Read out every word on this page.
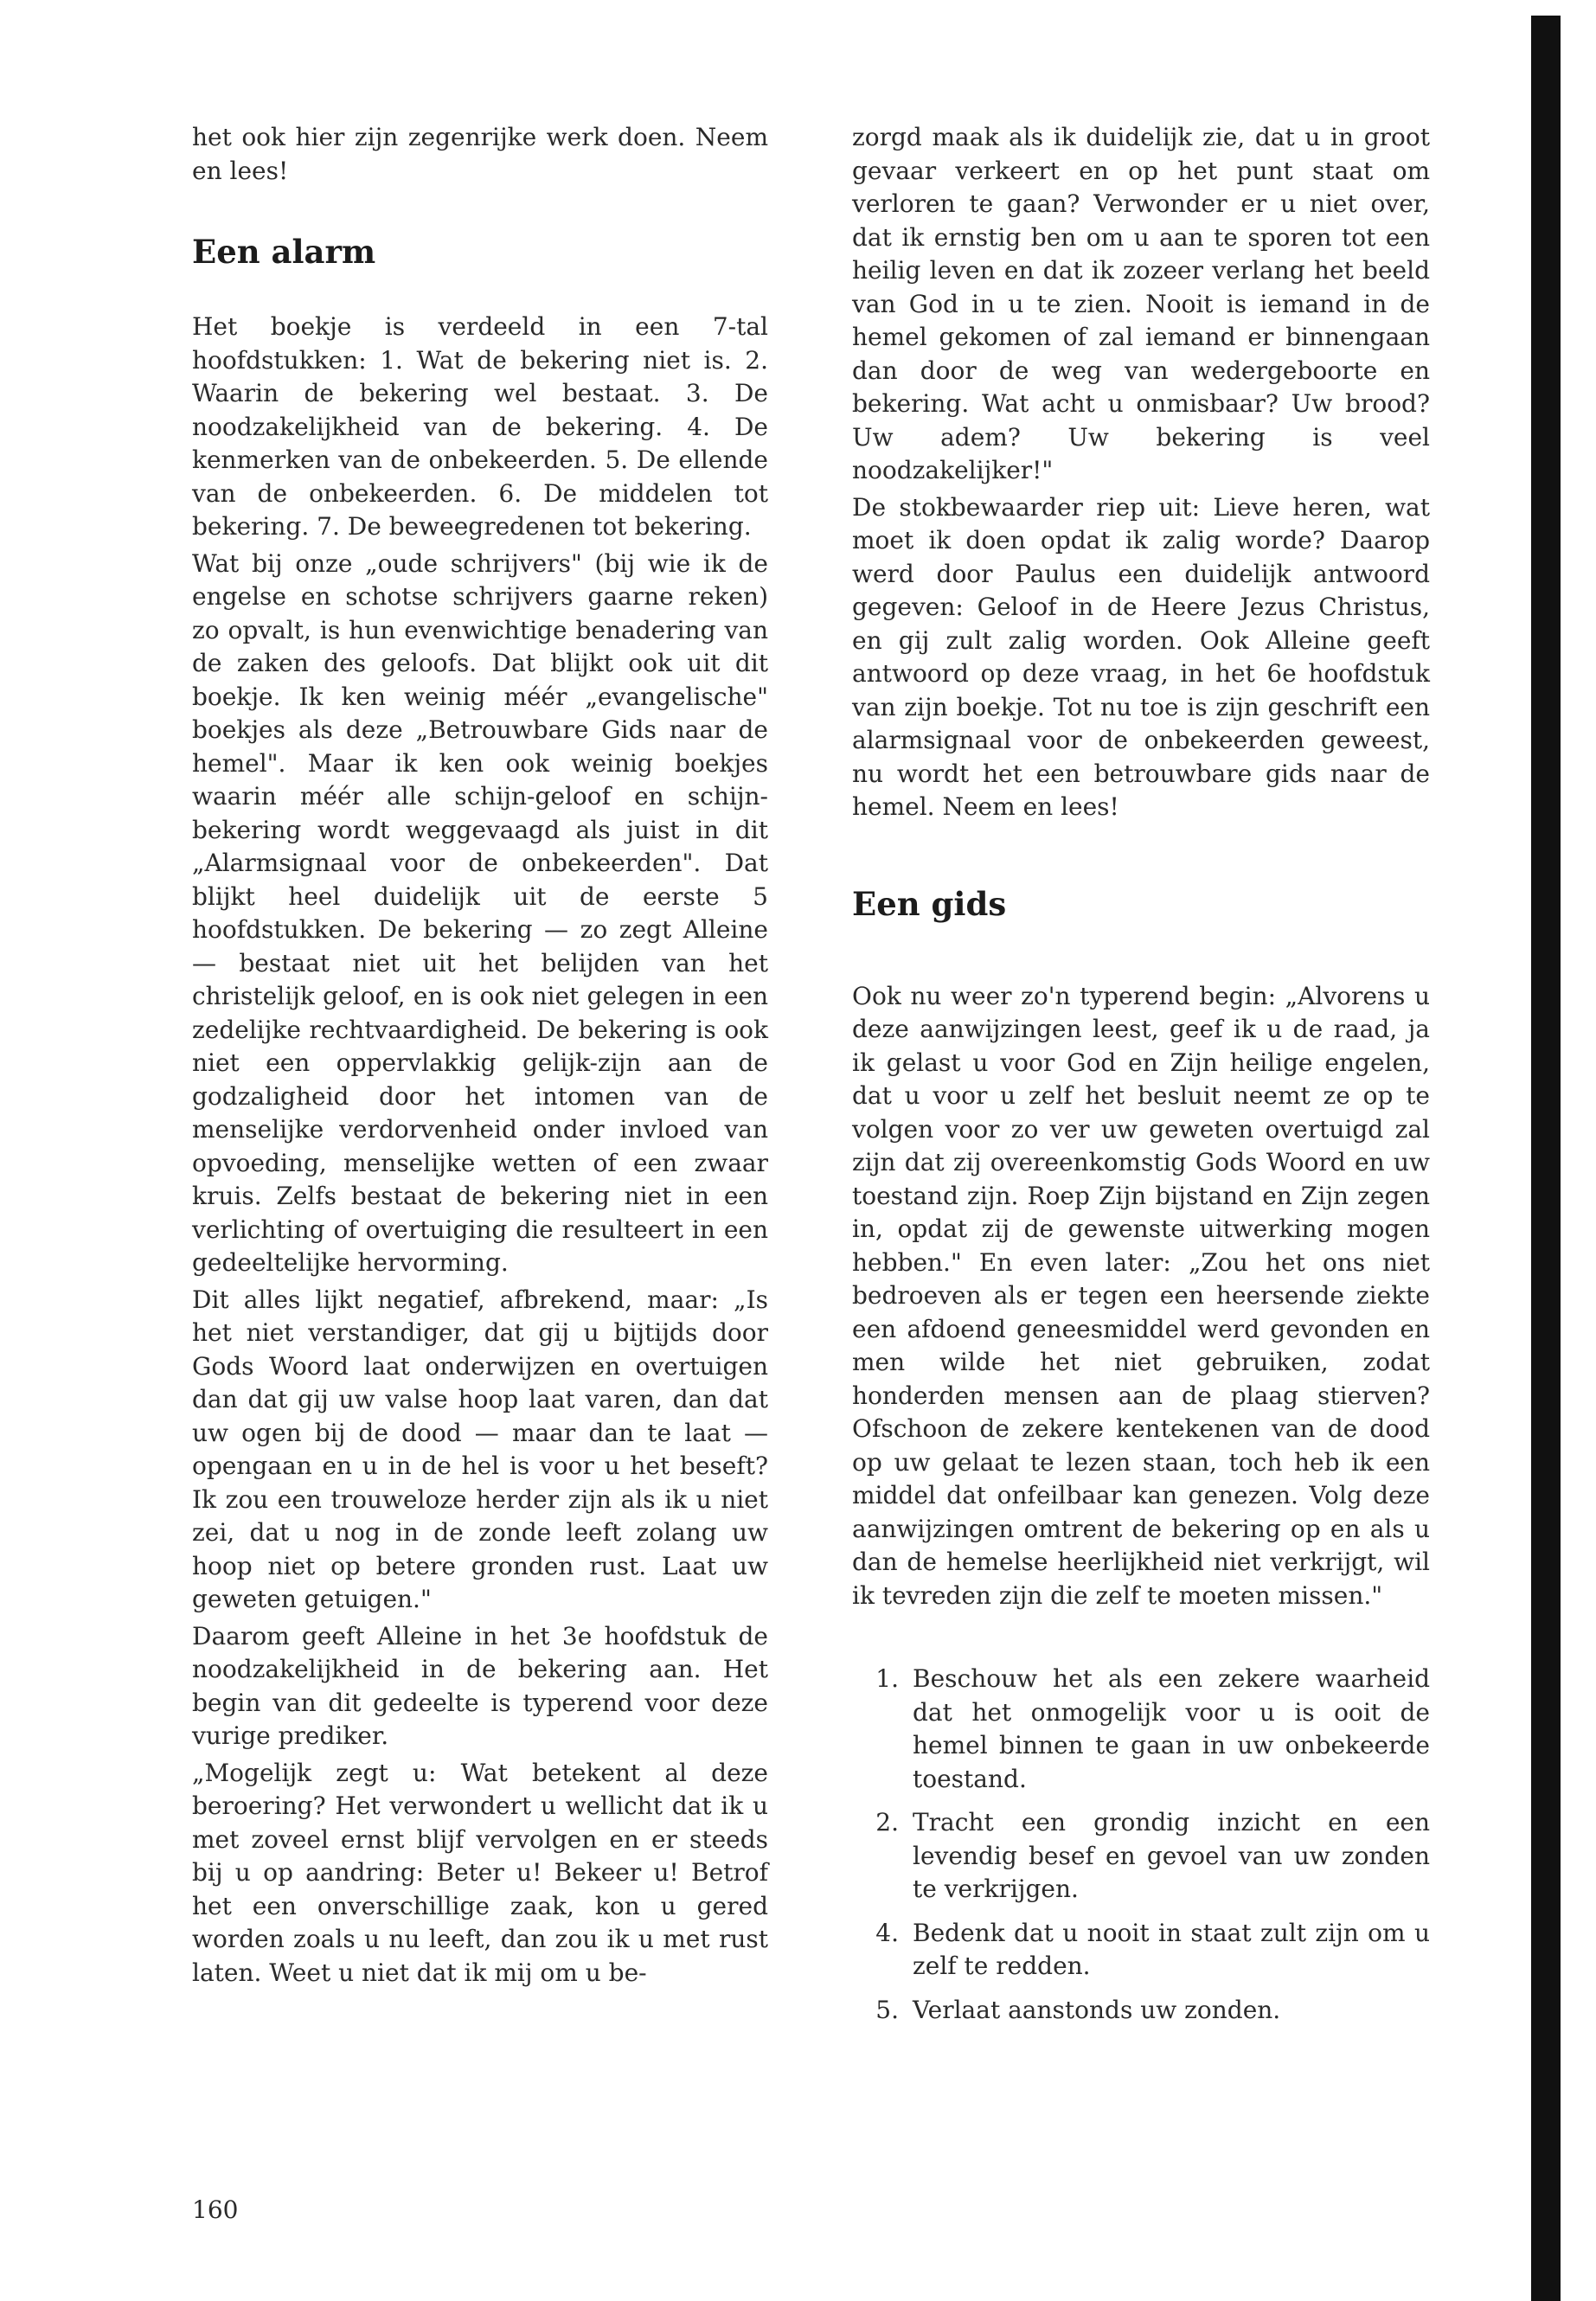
het ook hier zijn zegenrijke werk doen. Neem en lees!

Een alarm

Het boekje is verdeeld in een 7-tal hoofdstukken: 1. Wat de bekering niet is. 2. Waarin de bekering wel bestaat. 3. De noodzakelijkheid van de bekering. 4. De kenmerken van de onbekeerden. 5. De ellende van de onbekeerden. 6. De middelen tot bekering. 7. De beweegredenen tot bekering.

Wat bij onze „oude schrijvers" (bij wie ik de engelse en schotse schrijvers gaarne reken) zo opvalt, is hun evenwichtige benadering van de zaken des geloofs. Dat blijkt ook uit dit boekje. Ik ken weinig méér „evangelische" boekjes als deze „Betrouwbare Gids naar de hemel". Maar ik ken ook weinig boekjes waarin méér alle schijn-geloof en schijn-bekering wordt weggevaagd als juist in dit „Alarmsignaal voor de onbekeerden". Dat blijkt heel duidelijk uit de eerste 5 hoofdstukken. De bekering — zo zegt Alleine — bestaat niet uit het belijden van het christelijk geloof, en is ook niet gelegen in een zedelijke rechtvaardigheid. De bekering is ook niet een oppervlakkig gelijk-zijn aan de godzaligheid door het intomen van de menselijke verdorvenheid onder invloed van opvoeding, menselijke wetten of een zwaar kruis. Zelfs bestaat de bekering niet in een verlichting of overtuiging die resulteert in een gedeeltelijke hervorming.

Dit alles lijkt negatief, afbrekend, maar: „Is het niet verstandiger, dat gij u bijtijds door Gods Woord laat onderwijzen en overtuigen dan dat gij uw valse hoop laat varen, dan dat uw ogen bij de dood — maar dan te laat — opengaan en u in de hel is voor u het beseft? Ik zou een trouweloze herder zijn als ik u niet zei, dat u nog in de zonde leeft zolang uw hoop niet op betere gronden rust. Laat uw geweten getuigen."

Daarom geeft Alleine in het 3e hoofdstuk de noodzakelijkheid in de bekering aan. Het begin van dit gedeelte is typerend voor deze vurige prediker.

„Mogelijk zegt u: Wat betekent al deze beroering? Het verwondert u wellicht dat ik u met zoveel ernst blijf vervolgen en er steeds bij u op aandring: Beter u! Bekeer u! Betrof het een onverschillige zaak, kon u gered worden zoals u nu leeft, dan zou ik u met rust laten. Weet u niet dat ik mij om u be-

zorgd maak als ik duidelijk zie, dat u in groot gevaar verkeert en op het punt staat om verloren te gaan? Verwonder er u niet over, dat ik ernstig ben om u aan te sporen tot een heilig leven en dat ik zozeer verlang het beeld van God in u te zien. Nooit is iemand in de hemel gekomen of zal iemand er binnengaan dan door de weg van wedergeboorte en bekering. Wat acht u onmisbaar? Uw brood? Uw adem? Uw bekering is veel noodzakelijker!"

De stokbewaarder riep uit: Lieve heren, wat moet ik doen opdat ik zalig worde? Daarop werd door Paulus een duidelijk antwoord gegeven: Geloof in de Heere Jezus Christus, en gij zult zalig worden. Ook Alleine geeft antwoord op deze vraag, in het 6e hoofdstuk van zijn boekje. Tot nu toe is zijn geschrift een alarmsignaal voor de onbekeerden geweest, nu wordt het een betrouwbare gids naar de hemel. Neem en lees!

Een gids

Ook nu weer zo'n typerend begin: „Alvorens u deze aanwijzingen leest, geef ik u de raad, ja ik gelast u voor God en Zijn heilige engelen, dat u voor u zelf het besluit neemt ze op te volgen voor zo ver uw geweten overtuigd zal zijn dat zij overeenkomstig Gods Woord en uw toestand zijn. Roep Zijn bijstand en Zijn zegen in, opdat zij de gewenste uitwerking mogen hebben." En even later: „Zou het ons niet bedroeven als er tegen een heersende ziekte een afdoend geneesmiddel werd gevonden en men wilde het niet gebruiken, zodat honderden mensen aan de plaag stierven? Ofschoon de zekere kentekenen van de dood op uw gelaat te lezen staan, toch heb ik een middel dat onfeilbaar kan genezen. Volg deze aanwijzingen omtrent de bekering op en als u dan de hemelse heerlijkheid niet verkrijgt, wil ik tevreden zijn die zelf te moeten missen."

1. Beschouw het als een zekere waarheid dat het onmogelijk voor u is ooit de hemel binnen te gaan in uw onbekeerde toestand.
2. Tracht een grondig inzicht en een levendig besef en gevoel van uw zonden te verkrijgen.
4. Bedenk dat u nooit in staat zult zijn om u zelf te redden.
5. Verlaat aanstonds uw zonden.

160
